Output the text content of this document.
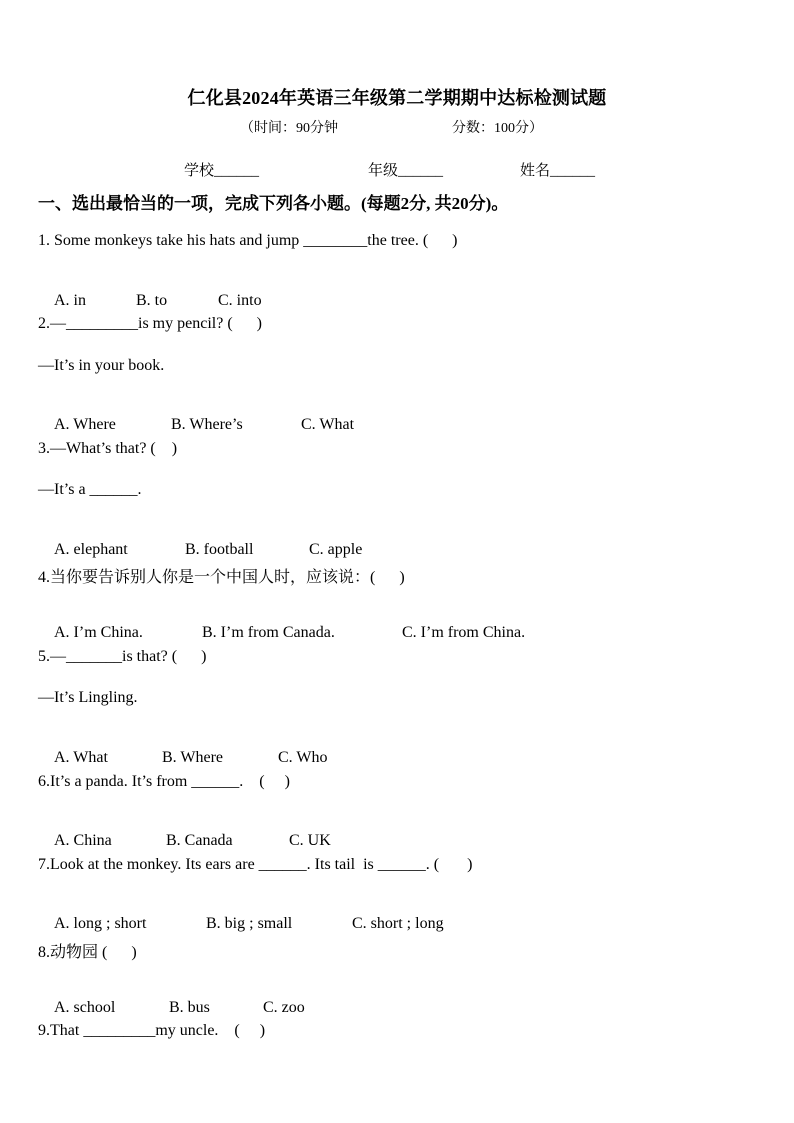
仁化县2024年英语三年级第二学期期中达标检测试题
（时间：90分钟	分数：100分）
学校______	年级______	姓名______
一、选出最恰当的一项，完成下列各小题。(每题2分, 共20分)。
1. Some monkeys take his hats and jump ________the tree. (      )

A. in	B. to	C. into

2.—_________is my pencil? (      )
—It’s in your book.

A. Where	B. Where’s	C. What

3.—What’s that? (    )
—It’s a ______.

A. elephant	B. football	C. apple

4.当你要告诉别人你是一个中国人时，应该说：(      )

A. I’m China.	B. I’m from Canada.	C. I’m from China.

5.—_______is that? (      )
—It’s Lingling.

A. What	B. Where	C. Who

6.It’s a panda. It’s from ______.    (     )

A. China	B. Canada	C. UK

7.Look at the monkey. Its ears are ______. Its tail  is ______. (       )

A. long ; short	B. big ; small	C. short ; long

8.动物园 (      )

A. school	B. bus	C. zoo

9.That _________my uncle.    (     )
